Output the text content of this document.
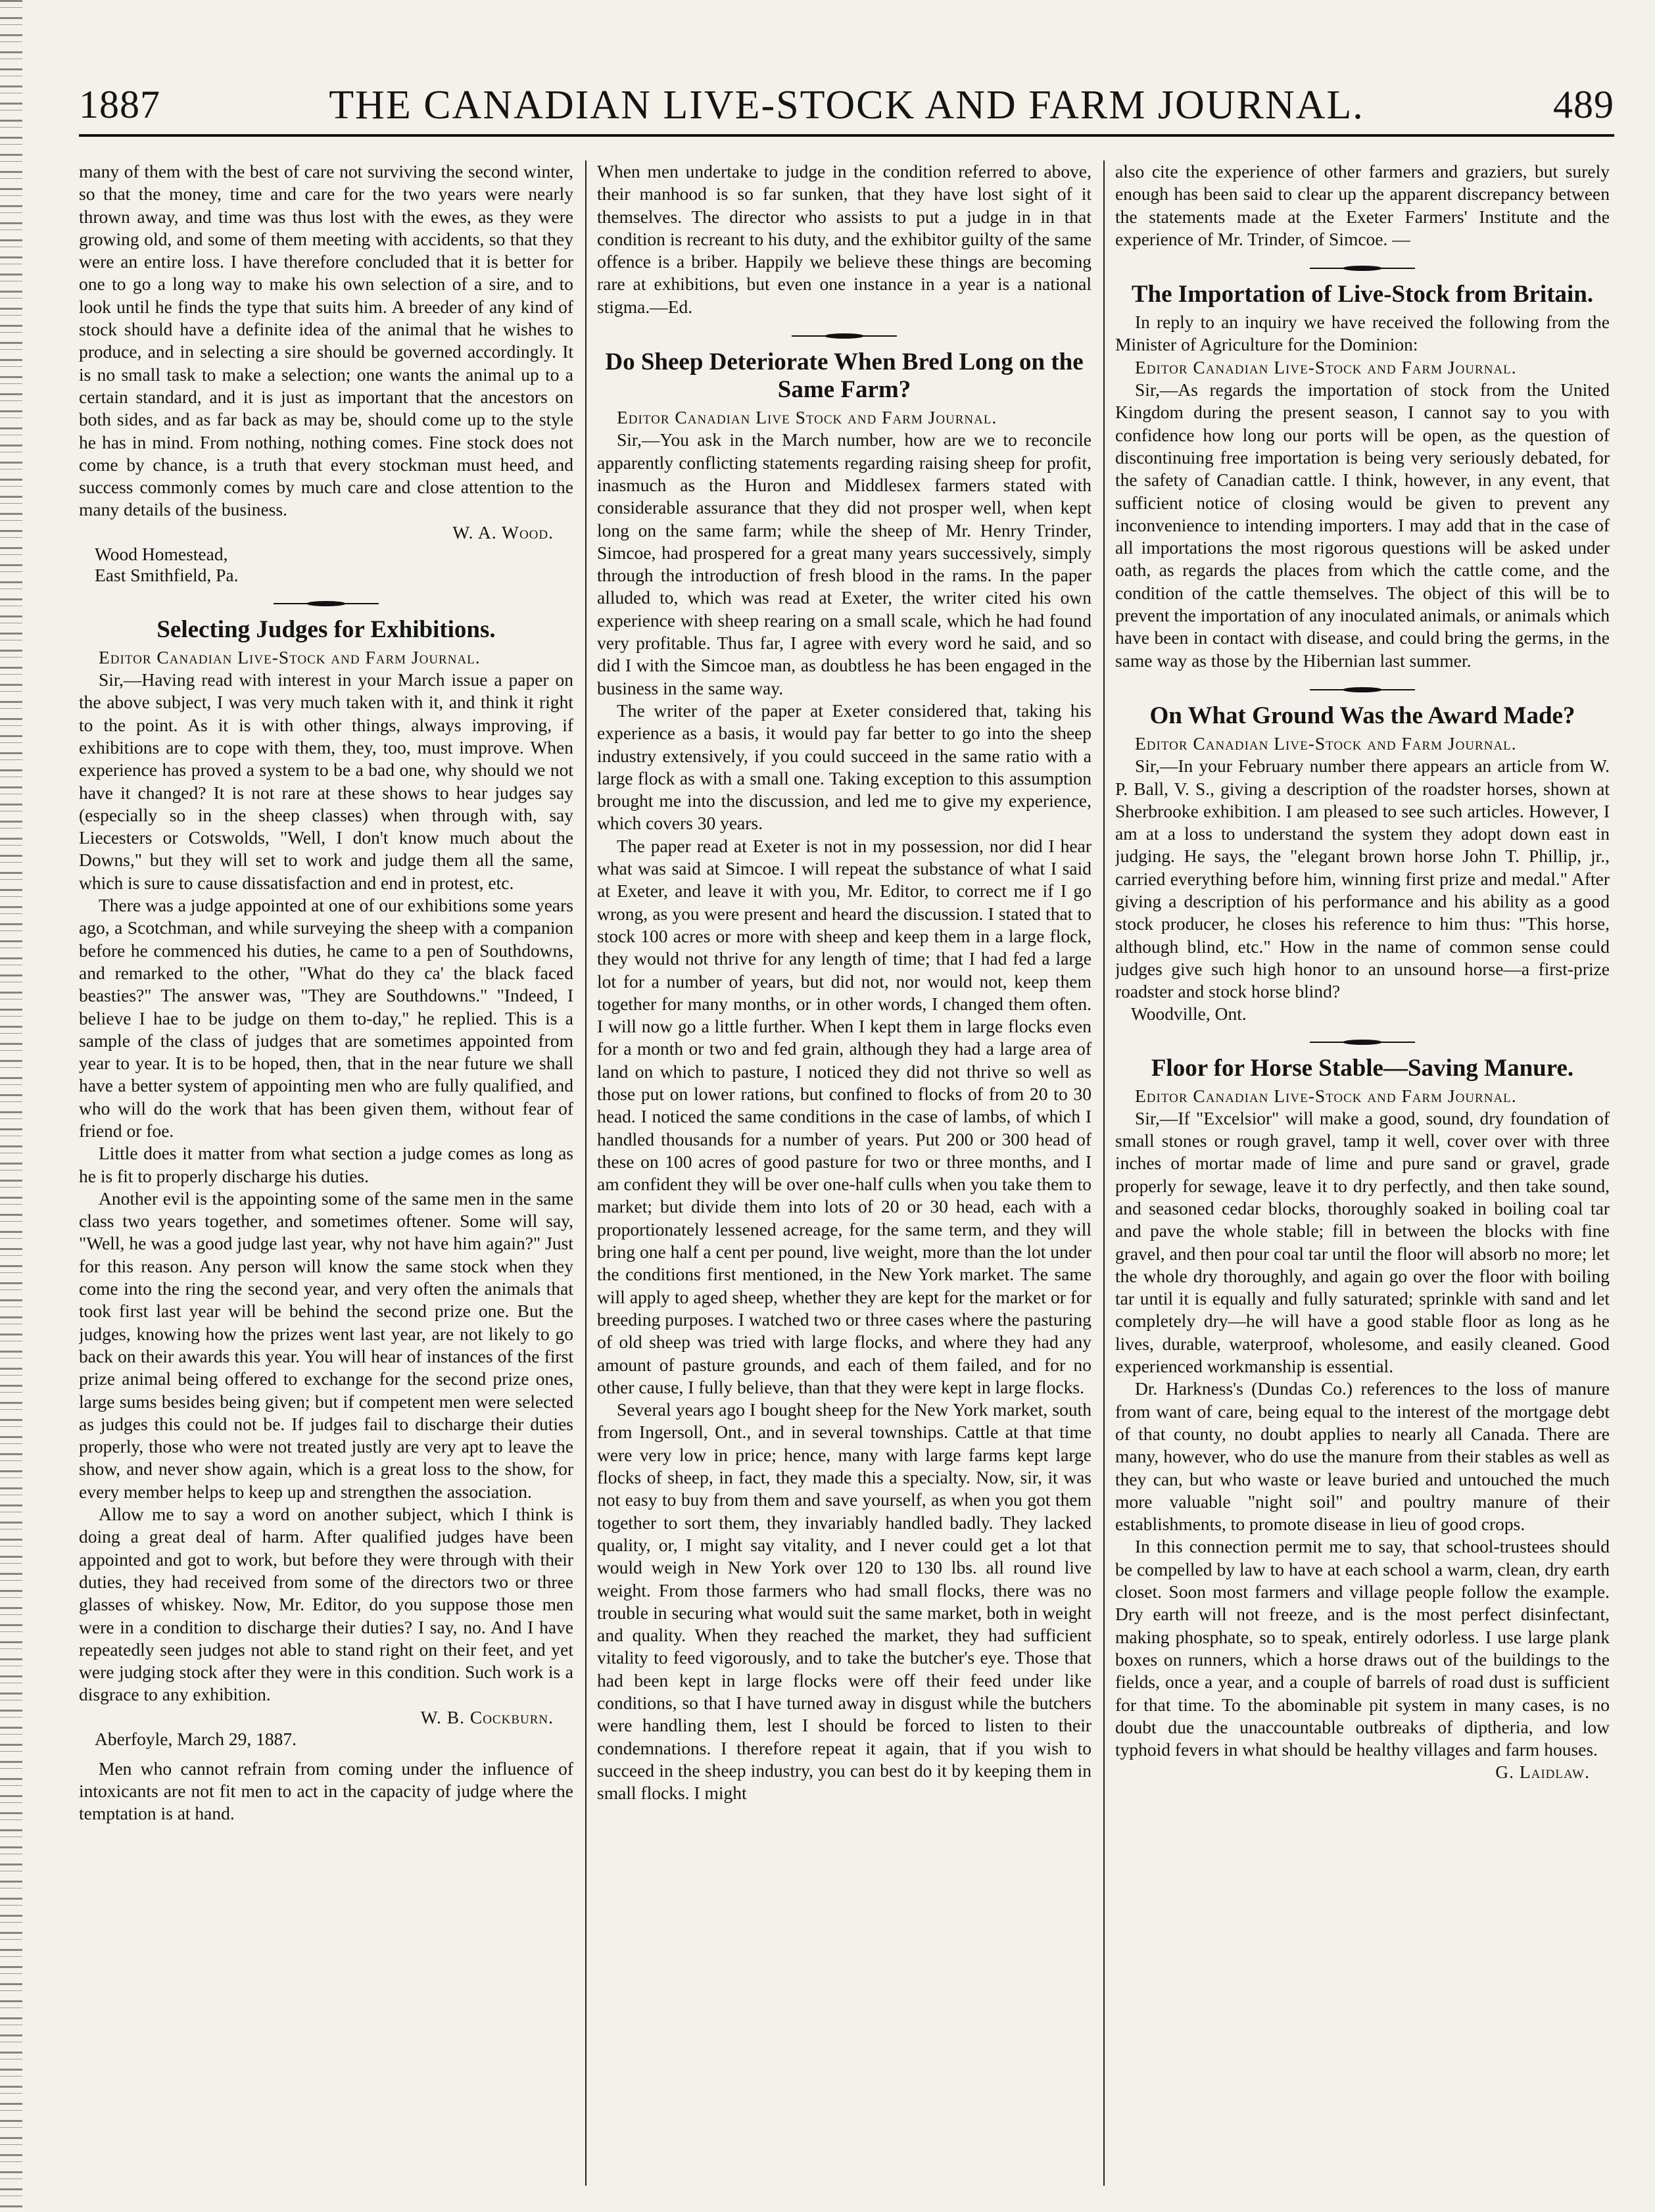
1887	THE CANADIAN LIVE-STOCK AND FARM JOURNAL.	489

many of them with the best of care not surviving the second winter, so that the money, time and care for the two years were nearly thrown away, and time was thus lost with the ewes, as they were growing old, and some of them meeting with accidents, so that they were an entire loss. I have therefore concluded that it is better for one to go a long way to make his own selection of a sire, and to look until he finds the type that suits him. A breeder of any kind of stock should have a definite idea of the animal that he wishes to produce, and in selecting a sire should be governed accordingly. It is no small task to make a selection; one wants the animal up to a certain standard, and it is just as important that the ancestors on both sides, and as far back as may be, should come up to the style he has in mind. From nothing, nothing comes. Fine stock does not come by chance, is a truth that every stockman must heed, and success commonly comes by much care and close attention to the many details of the business.

W. A. Wood.
Wood Homestead,
East Smithfield, Pa.
Selecting Judges for Exhibitions.

Editor Canadian Live-Stock and Farm Journal.

Sir,—Having read with interest in your March issue a paper on the above subject, I was very much taken with it, and think it right to the point. As it is with other things, always improving, if exhibitions are to cope with them, they, too, must improve. When experience has proved a system to be a bad one, why should we not have it changed? It is not rare at these shows to hear judges say (especially so in the sheep classes) when through with, say Liecesters or Cotswolds, "Well, I don't know much about the Downs," but they will set to work and judge them all the same, which is sure to cause dissatisfaction and end in protest, etc.

There was a judge appointed at one of our exhibitions some years ago, a Scotchman, and while surveying the sheep with a companion before he commenced his duties, he came to a pen of Southdowns, and remarked to the other, "What do they ca' the black faced beasties?" The answer was, "They are Southdowns." "Indeed, I believe I hae to be judge on them to-day," he replied. This is a sample of the class of judges that are sometimes appointed from year to year. It is to be hoped, then, that in the near future we shall have a better system of appointing men who are fully qualified, and who will do the work that has been given them, without fear of friend or foe.

Little does it matter from what section a judge comes as long as he is fit to properly discharge his duties.

Another evil is the appointing some of the same men in the same class two years together, and sometimes oftener. Some will say, "Well, he was a good judge last year, why not have him again?" Just for this reason. Any person will know the same stock when they come into the ring the second year, and very often the animals that took first last year will be behind the second prize one. But the judges, knowing how the prizes went last year, are not likely to go back on their awards this year. You will hear of instances of the first prize animal being offered to exchange for the second prize ones, large sums besides being given; but if competent men were selected as judges this could not be. If judges fail to discharge their duties properly, those who were not treated justly are very apt to leave the show, and never show again, which is a great loss to the show, for every member helps to keep up and strengthen the association.

Allow me to say a word on another subject, which I think is doing a great deal of harm. After qualified judges have been appointed and got to work, but before they were through with their duties, they had received from some of the directors two or three glasses of whiskey. Now, Mr. Editor, do you suppose those men were in a condition to discharge their duties? I say, no. And I have repeatedly seen judges not able to stand right on their feet, and yet were judging stock after they were in this condition. Such work is a disgrace to any exhibition.

W. B. Cockburn.
Aberfoyle, March 29, 1887.

Men who cannot refrain from coming under the influence of intoxicants are not fit men to act in the capacity of judge where the temptation is at hand.

When men undertake to judge in the condition referred to above, their manhood is so far sunken, that they have lost sight of it themselves. The director who assists to put a judge in in that condition is recreant to his duty, and the exhibitor guilty of the same offence is a briber. Happily we believe these things are becoming rare at exhibitions, but even one instance in a year is a national stigma.—Ed.

Do Sheep Deteriorate When Bred Long on the Same Farm?

Editor Canadian Live Stock and Farm Journal.

Sir,—You ask in the March number, how are we to reconcile apparently conflicting statements regarding raising sheep for profit, inasmuch as the Huron and Middlesex farmers stated with considerable assurance that they did not prosper well, when kept long on the same farm; while the sheep of Mr. Henry Trinder, Simcoe, had prospered for a great many years successively, simply through the introduction of fresh blood in the rams. In the paper alluded to, which was read at Exeter, the writer cited his own experience with sheep rearing on a small scale, which he had found very profitable. Thus far, I agree with every word he said, and so did I with the Simcoe man, as doubtless he has been engaged in the business in the same way.

The writer of the paper at Exeter considered that, taking his experience as a basis, it would pay far better to go into the sheep industry extensively, if you could succeed in the same ratio with a large flock as with a small one. Taking exception to this assumption brought me into the discussion, and led me to give my experience, which covers 30 years.

The paper read at Exeter is not in my possession, nor did I hear what was said at Simcoe. I will repeat the substance of what I said at Exeter, and leave it with you, Mr. Editor, to correct me if I go wrong, as you were present and heard the discussion. I stated that to stock 100 acres or more with sheep and keep them in a large flock, they would not thrive for any length of time; that I had fed a large lot for a number of years, but did not, nor would not, keep them together for many months, or in other words, I changed them often. I will now go a little further. When I kept them in large flocks even for a month or two and fed grain, although they had a large area of land on which to pasture, I noticed they did not thrive so well as those put on lower rations, but confined to flocks of from 20 to 30 head. I noticed the same conditions in the case of lambs, of which I handled thousands for a number of years. Put 200 or 300 head of these on 100 acres of good pasture for two or three months, and I am confident they will be over one-half culls when you take them to market; but divide them into lots of 20 or 30 head, each with a proportionately lessened acreage, for the same term, and they will bring one half a cent per pound, live weight, more than the lot under the conditions first mentioned, in the New York market. The same will apply to aged sheep, whether they are kept for the market or for breeding purposes. I watched two or three cases where the pasturing of old sheep was tried with large flocks, and where they had any amount of pasture grounds, and each of them failed, and for no other cause, I fully believe, than that they were kept in large flocks.

Several years ago I bought sheep for the New York market, south from Ingersoll, Ont., and in several townships. Cattle at that time were very low in price; hence, many with large farms kept large flocks of sheep, in fact, they made this a specialty. Now, sir, it was not easy to buy from them and save yourself, as when you got them together to sort them, they invariably handled badly. They lacked quality, or, I might say vitality, and I never could get a lot that would weigh in New York over 120 to 130 lbs. all round live weight. From those farmers who had small flocks, there was no trouble in securing what would suit the same market, both in weight and quality. When they reached the market, they had sufficient vitality to feed vigorously, and to take the butcher's eye. Those that had been kept in large flocks were off their feed under like conditions, so that I have turned away in disgust while the butchers were handling them, lest I should be forced to listen to their condemnations. I therefore repeat it again, that if you wish to succeed in the sheep industry, you can best do it by keeping them in small flocks. I might

also cite the experience of other farmers and graziers, but surely enough has been said to clear up the apparent discrepancy between the statements made at the Exeter Farmers' Institute and the experience of Mr. Trinder, of Simcoe. —

The Importation of Live-Stock from Britain.

In reply to an inquiry we have received the following from the Minister of Agriculture for the Dominion:

Editor Canadian Live-Stock and Farm Journal.

Sir,—As regards the importation of stock from the United Kingdom during the present season, I cannot say to you with confidence how long our ports will be open, as the question of discontinuing free importation is being very seriously debated, for the safety of Canadian cattle. I think, however, in any event, that sufficient notice of closing would be given to prevent any inconvenience to intending importers. I may add that in the case of all importations the most rigorous questions will be asked under oath, as regards the places from which the cattle come, and the condition of the cattle themselves. The object of this will be to prevent the importation of any inoculated animals, or animals which have been in contact with disease, and could bring the germs, in the same way as those by the Hibernian last summer.

On What Ground Was the Award Made?

Editor Canadian Live-Stock and Farm Journal.

Sir,—In your February number there appears an article from W. P. Ball, V. S., giving a description of the roadster horses, shown at Sherbrooke exhibition. I am pleased to see such articles. However, I am at a loss to understand the system they adopt down east in judging. He says, the "elegant brown horse John T. Phillip, jr., carried everything before him, winning first prize and medal." After giving a description of his performance and his ability as a good stock producer, he closes his reference to him thus: "This horse, although blind, etc." How in the name of common sense could judges give such high honor to an unsound horse—a first-prize roadster and stock horse blind?

Woodville, Ont.
Floor for Horse Stable—Saving Manure.

Editor Canadian Live-Stock and Farm Journal.

Sir,—If "Excelsior" will make a good, sound, dry foundation of small stones or rough gravel, tamp it well, cover over with three inches of mortar made of lime and pure sand or gravel, grade properly for sewage, leave it to dry perfectly, and then take sound, and seasoned cedar blocks, thoroughly soaked in boiling coal tar and pave the whole stable; fill in between the blocks with fine gravel, and then pour coal tar until the floor will absorb no more; let the whole dry thoroughly, and again go over the floor with boiling tar until it is equally and fully saturated; sprinkle with sand and let completely dry—he will have a good stable floor as long as he lives, durable, waterproof, wholesome, and easily cleaned. Good experienced workmanship is essential.

Dr. Harkness's (Dundas Co.) references to the loss of manure from want of care, being equal to the interest of the mortgage debt of that county, no doubt applies to nearly all Canada. There are many, however, who do use the manure from their stables as well as they can, but who waste or leave buried and untouched the much more valuable "night soil" and poultry manure of their establishments, to promote disease in lieu of good crops.

In this connection permit me to say, that school-trustees should be compelled by law to have at each school a warm, clean, dry earth closet. Soon most farmers and village people follow the example. Dry earth will not freeze, and is the most perfect disinfectant, making phosphate, so to speak, entirely odorless. I use large plank boxes on runners, which a horse draws out of the buildings to the fields, once a year, and a couple of barrels of road dust is sufficient for that time. To the abominable pit system in many cases, is no doubt due the unaccountable outbreaks of diptheria, and low typhoid fevers in what should be healthy villages and farm houses.

G. Laidlaw.
